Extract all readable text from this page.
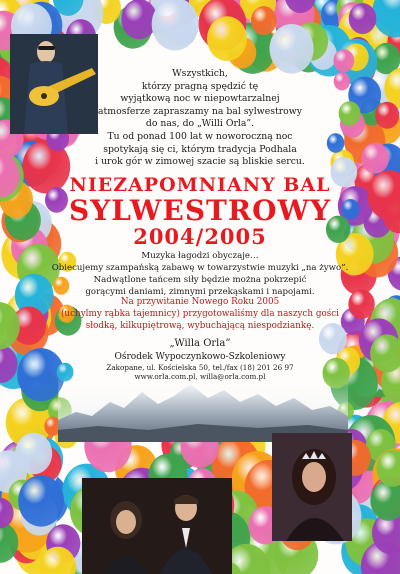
Wszystkich,
którzy pragną spędzić tę
wyjątkową noc w niepowtarzalnej
atmosferze zapraszamy na bal sylwestrowy
do nas, do „Willi Orla”.
Tu od ponad 100 lat w noworoczną noc
spotykają się ci, którym tradycja Podhala
i urok gór w zimowej szacie są bliskie sercu.
NIEZAPOMNIANY BAL
SYLWESTROWY
2004/2005
Muzyka łagodzi obyczaje…
Obiecujemy szampańską zabawę w towarzystwie muzyki „na żywo”.
Nadwątlone tańcem siły będzie można pokrzepić
gorącymi daniami, zimnymi przekąskami i napojami.
Na przywitanie Nowego Roku 2005
(uchylmy rąbka tajemnicy) przygotowaliśmy dla naszych gości
słodką, kilkupiętrową, wybuchającą niespodziankę.
„Willa Orla”
Ośrodek Wypoczynkowo-Szkoleniowy
Zakopane, ul. Kościelska 50, tel./fax (18) 201 26 97
